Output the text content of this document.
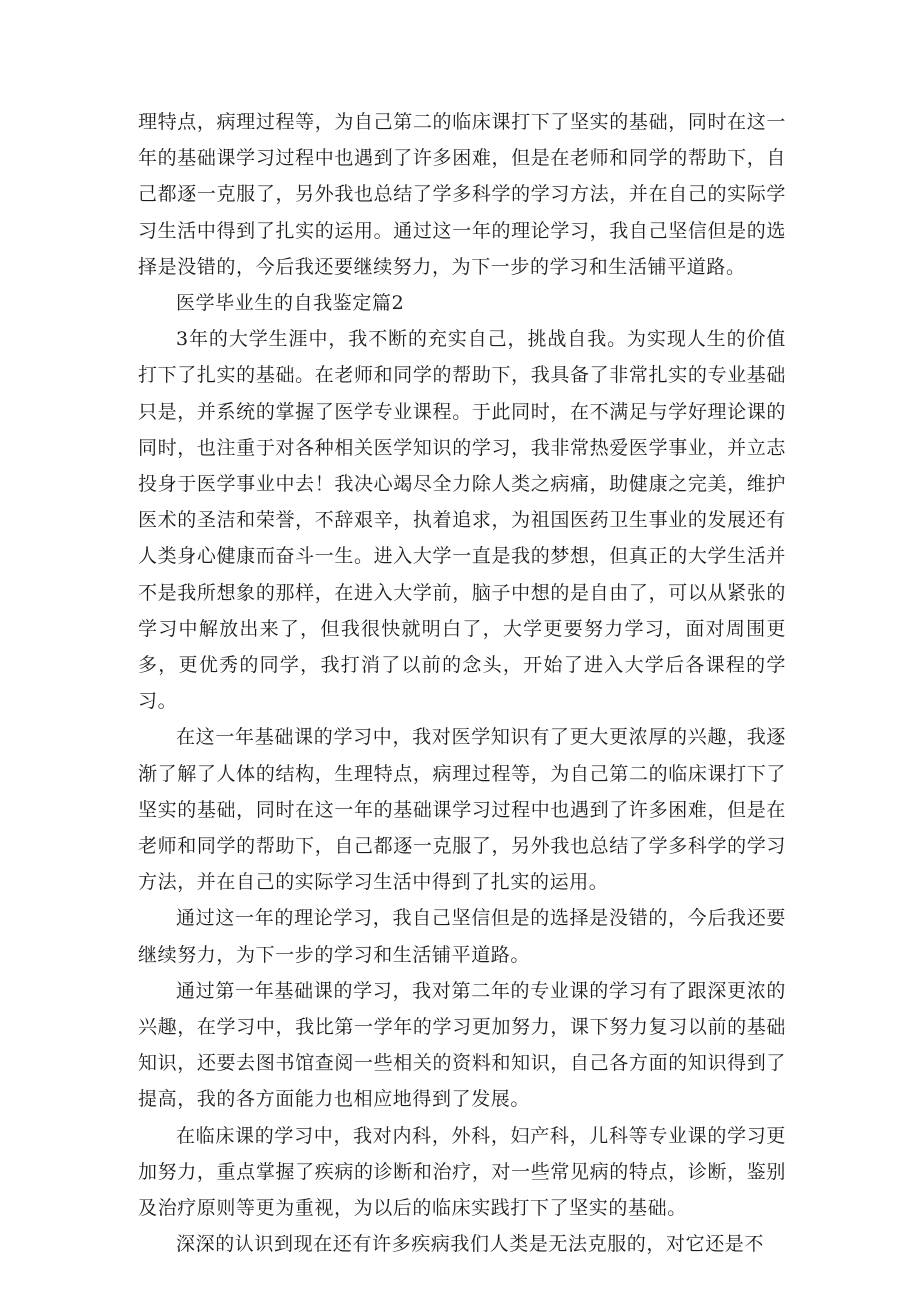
理特点，病理过程等，为自己第二的临床课打下了坚实的基础，同时在这一年的基础课学习过程中也遇到了许多困难，但是在老师和同学的帮助下，自己都逐一克服了，另外我也总结了学多科学的学习方法，并在自己的实际学习生活中得到了扎实的运用。通过这一年的理论学习，我自己坚信但是的选择是没错的，今后我还要继续努力，为下一步的学习和生活铺平道路。

医学毕业生的自我鉴定篇2

3年的大学生涯中，我不断的充实自己，挑战自我。为实现人生的价值打下了扎实的基础。在老师和同学的帮助下，我具备了非常扎实的专业基础只是，并系统的掌握了医学专业课程。于此同时，在不满足与学好理论课的同时，也注重于对各种相关医学知识的学习，我非常热爱医学事业，并立志投身于医学事业中去！我决心竭尽全力除人类之病痛，助健康之完美，维护医术的圣洁和荣誉，不辞艰辛，执着追求，为祖国医药卫生事业的发展还有人类身心健康而奋斗一生。进入大学一直是我的梦想，但真正的大学生活并不是我所想象的那样，在进入大学前，脑子中想的是自由了，可以从紧张的学习中解放出来了，但我很快就明白了，大学更要努力学习，面对周围更多，更优秀的同学，我打消了以前的念头，开始了进入大学后各课程的学习。

在这一年基础课的学习中，我对医学知识有了更大更浓厚的兴趣，我逐渐了解了人体的结构，生理特点，病理过程等，为自己第二的临床课打下了坚实的基础，同时在这一年的基础课学习过程中也遇到了许多困难，但是在老师和同学的帮助下，自己都逐一克服了，另外我也总结了学多科学的学习方法，并在自己的实际学习生活中得到了扎实的运用。

通过这一年的理论学习，我自己坚信但是的选择是没错的，今后我还要继续努力，为下一步的学习和生活铺平道路。

通过第一年基础课的学习，我对第二年的专业课的学习有了跟深更浓的兴趣，在学习中，我比第一学年的学习更加努力，课下努力复习以前的基础知识，还要去图书馆查阅一些相关的资料和知识，自己各方面的知识得到了提高，我的各方面能力也相应地得到了发展。

在临床课的学习中，我对内科，外科，妇产科，儿科等专业课的学习更加努力，重点掌握了疾病的诊断和治疗，对一些常见病的特点，诊断，鉴别及治疗原则等更为重视，为以后的临床实践打下了坚实的基础。

深深的认识到现在还有许多疾病我们人类是无法克服的，对它还是不
